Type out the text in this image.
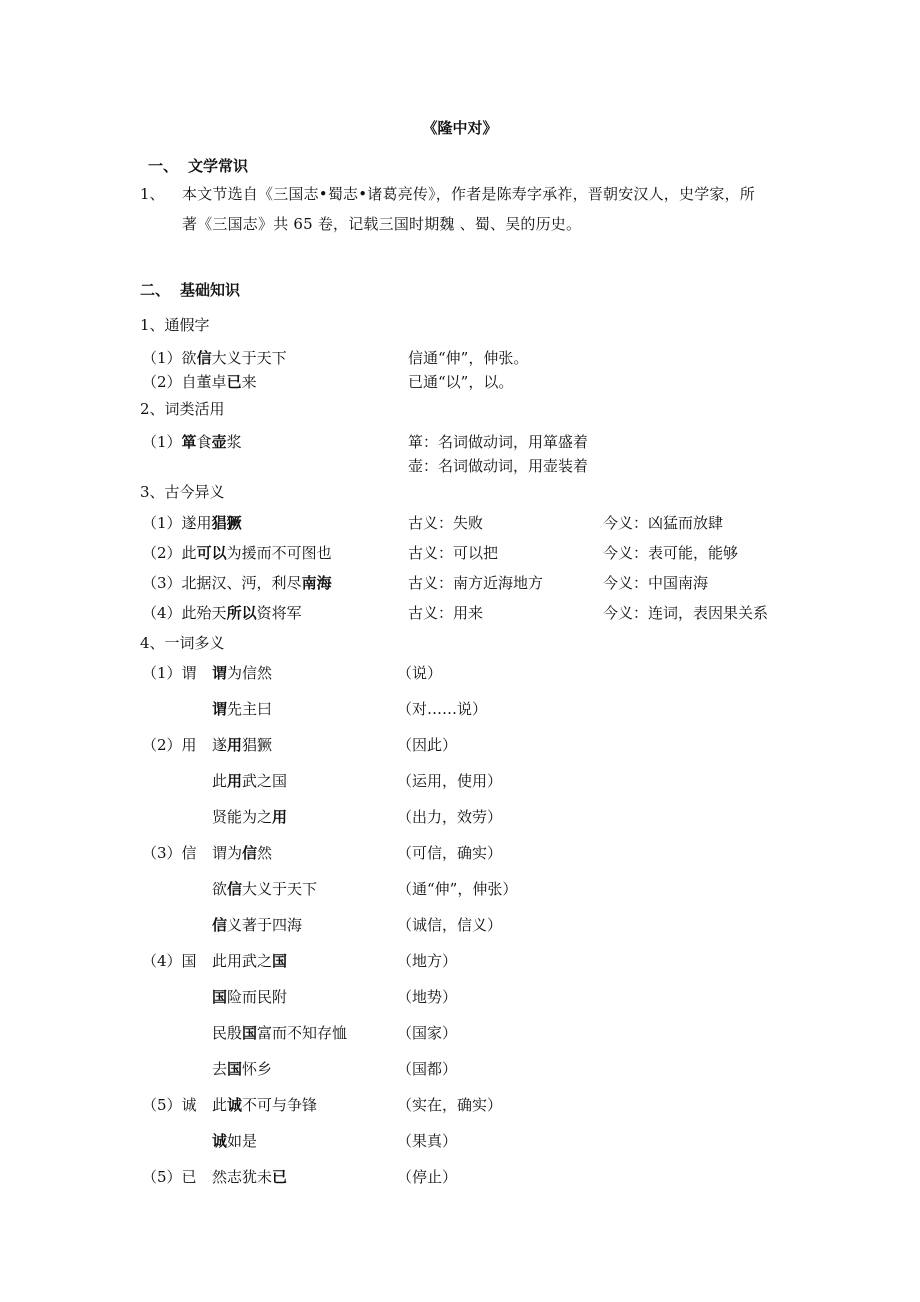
《隆中对》
一、 文学常识
1、 本文节选自《三国志•蜀志•诸葛亮传》，作者是陈寿字承祚，晋朝安汉人，史学家，所
著《三国志》共 65 卷，记载三国时期魏 、蜀、吴的历史。
二、 基础知识
1、通假字
（1）欲信大义于天下	信通“伸”，伸张。
（2）自董卓已来	已通“以”，以。
2、词类活用
（1）箪食壶浆	箪：名词做动词，用箪盛着
壶：名词做动词，用壶装着
3、古今异义
（1）遂用猖獗	古义：失败	今义：凶猛而放肆
（2）此可以为援而不可图也	古义：可以把	今义：表可能，能够
（3）北据汉、沔，利尽南海	古义：南方近海地方	今义：中国南海
（4）此殆天所以资将军	古义：用来	今义：连词，表因果关系
4、一词多义
（1）谓 谓为信然	（说）
谓先主曰	（对……说）
（2）用 遂用猖獗	（因此）
此用武之国	（运用，使用）
贤能为之用	（出力，效劳）
（3）信 谓为信然	（可信，确实）
欲信大义于天下	（通“伸”，伸张）
信义著于四海	（诚信，信义）
（4）国 此用武之国	（地方）
国险而民附	（地势）
民殷国富而不知存恤	（国家）
去国怀乡	（国都）
（5）诚 此诚不可与争锋	（实在，确实）
诚如是	（果真）
（5）已 然志犹未已	（停止）
